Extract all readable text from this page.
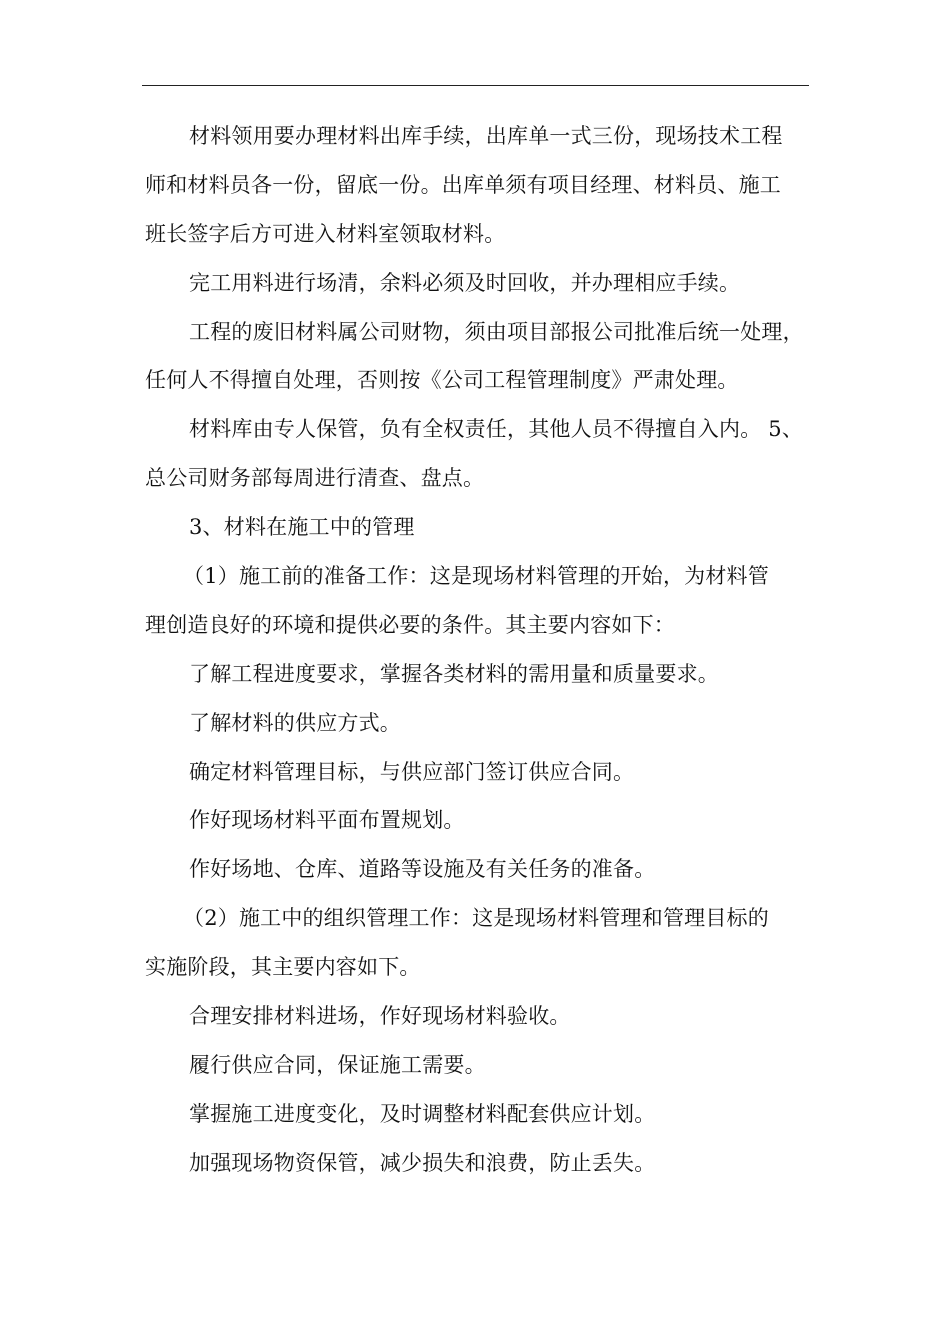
材料领用要办理材料出库手续，出库单一式三份，现场技术工程
师和材料员各一份，留底一份。出库单须有项目经理、材料员、施工
班长签字后方可进入材料室领取材料。
完工用料进行场清，余料必须及时回收，并办理相应手续。
工程的废旧材料属公司财物，须由项目部报公司批准后统一处理，
任何人不得擅自处理，否则按《公司工程管理制度》严肃处理。
材料库由专人保管，负有全权责任，其他人员不得擅自入内。 5、
总公司财务部每周进行清查、盘点。
3、材料在施工中的管理
（1）施工前的准备工作：这是现场材料管理的开始，为材料管
理创造良好的环境和提供必要的条件。其主要内容如下：
了解工程进度要求，掌握各类材料的需用量和质量要求。
了解材料的供应方式。
确定材料管理目标，与供应部门签订供应合同。
作好现场材料平面布置规划。
作好场地、仓库、道路等设施及有关任务的准备。
（2）施工中的组织管理工作：这是现场材料管理和管理目标的
实施阶段，其主要内容如下。
合理安排材料进场，作好现场材料验收。
履行供应合同，保证施工需要。
掌握施工进度变化，及时调整材料配套供应计划。
加强现场物资保管，减少损失和浪费，防止丢失。
